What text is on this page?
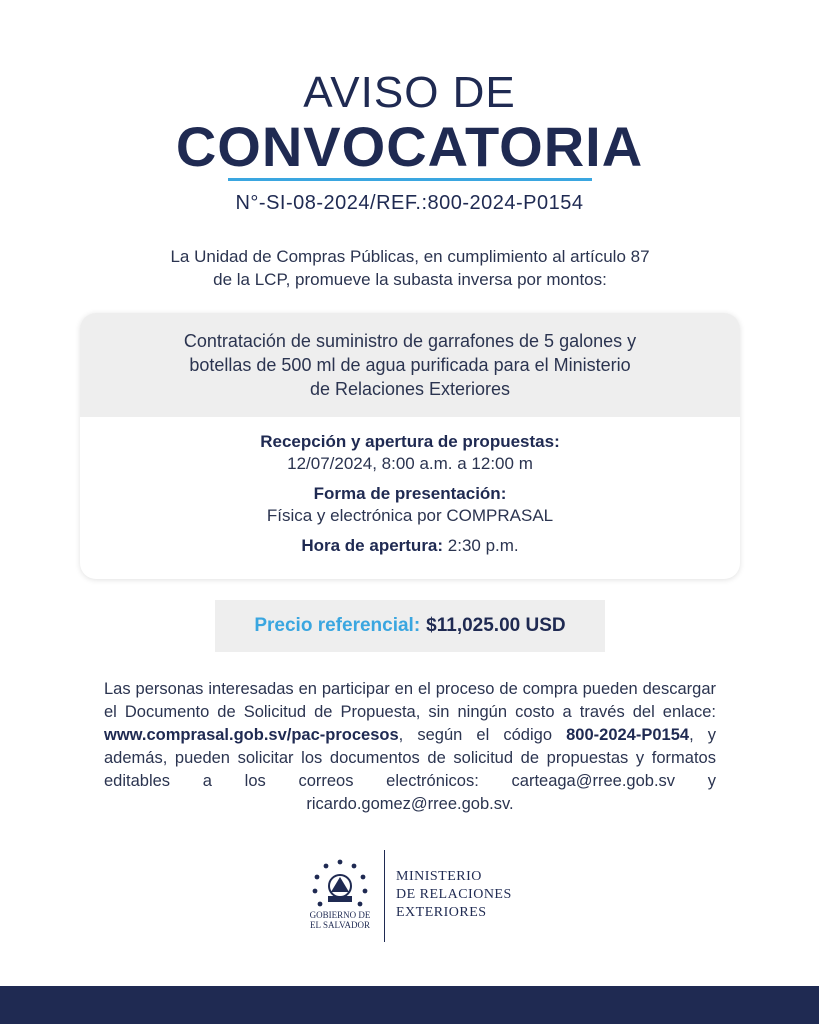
AVISO DE
CONVOCATORIA
N°-SI-08-2024/REF.:800-2024-P0154
La Unidad de Compras Públicas, en cumplimiento al artículo 87
de la LCP, promueve la subasta inversa por montos:
Contratación de suministro de garrafones de 5 galones y
botellas de 500 ml de agua purificada para el Ministerio
de Relaciones Exteriores
Recepción y apertura de propuestas:
12/07/2024, 8:00 a.m. a 12:00 m
Forma de presentación:
Física y electrónica por COMPRASAL
Hora de apertura: 2:30 p.m.
Precio referencial: $11,025.00 USD
Las personas interesadas en participar en el proceso de compra pueden descargar el Documento de Solicitud de Propuesta, sin ningún costo a través del enlace: www.comprasal.gob.sv/pac-procesos, según el código 800-2024-P0154, y además, pueden solicitar los documentos de solicitud de propuestas y formatos editables a los correos electrónicos: carteaga@rree.gob.sv y ricardo.gomez@rree.gob.sv.
GOBIERNO DE
EL SALVADOR
MINISTERIO
DE RELACIONES
EXTERIORES
